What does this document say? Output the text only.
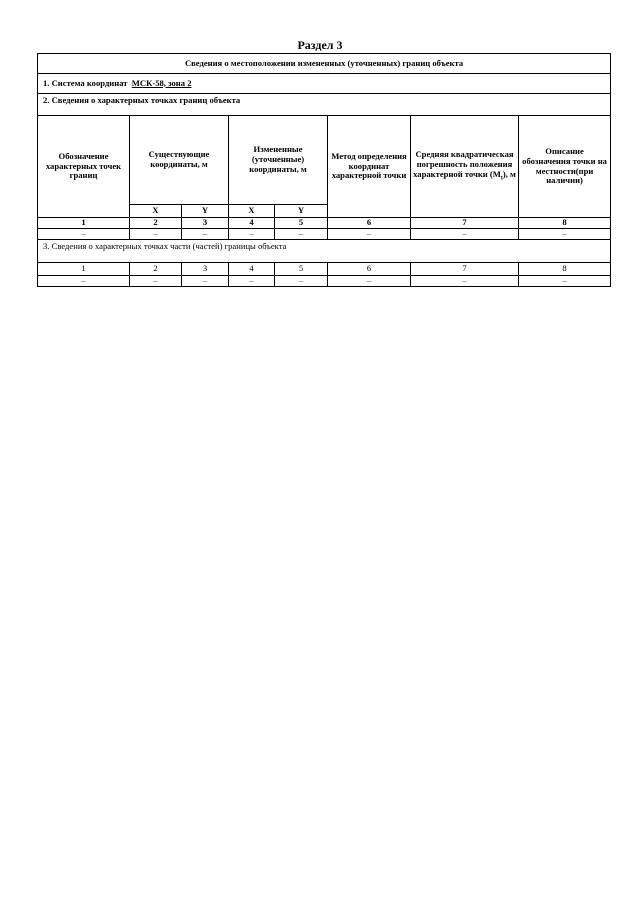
Раздел 3
Сведения о местоположении измененных (уточненных) границ объекта							
1. Система координат МСК-58, зона 2							
2. Сведения о характерных точках границ объекта							
Обозначение характерных точек границ	Существующие координаты, м		Измененные (уточненные) координаты, м		Метод определения координат характерной точки	Средняя квадратическая погрешность положения характерной точки $(M_t)$, м	Описание обозначения точки на местности(при наличии)
	X	Y	X	Y			
1	2	3	4	5	6	7	8
–	–	–	–	–	–	–	–
3. Сведения о характерных точках части (частей) границы объекта							
1	2	3	4	5	6	7	8
–	–	–	–	–	–	–	–
